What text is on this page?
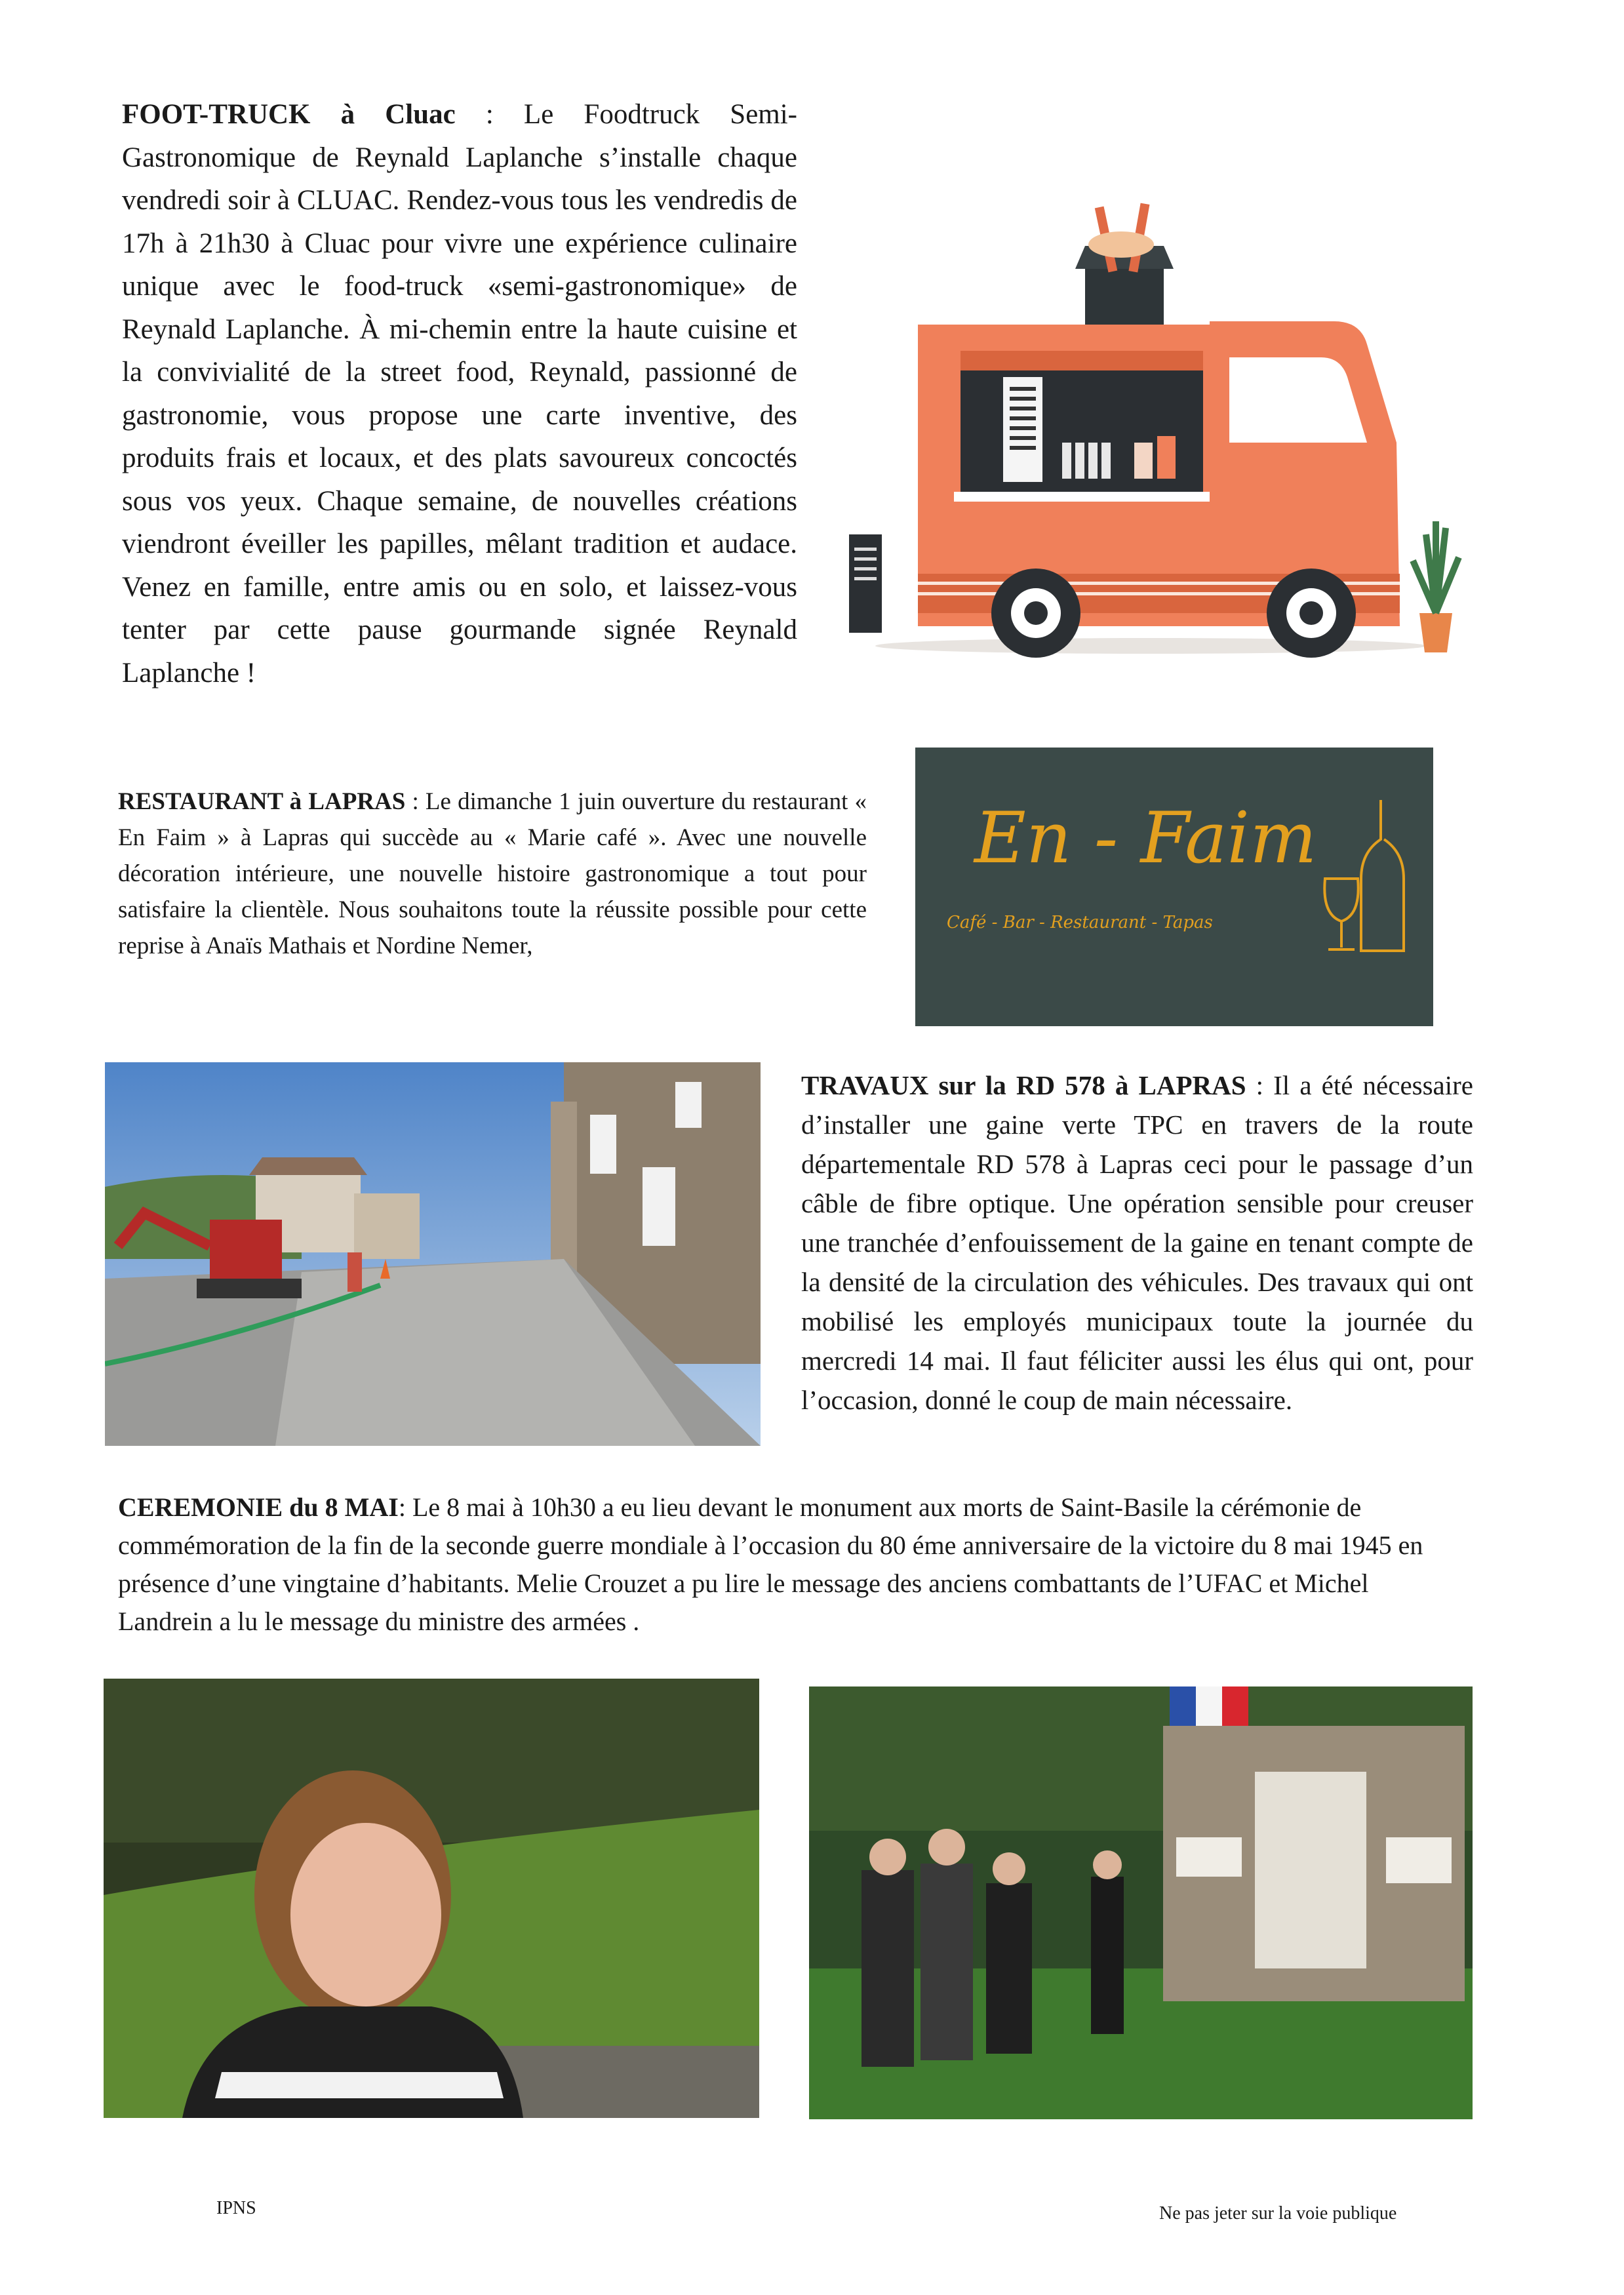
FOOT-TRUCK à Cluac : Le Foodtruck Semi-Gastronomique de Reynald Laplanche s’installe chaque vendredi soir à CLUAC. Rendez-vous tous les vendredis de 17h à 21h30 à Cluac pour vivre une expérience culinaire unique avec le food-truck «semi-gastronomique» de Reynald Laplanche. À mi-chemin entre la haute cuisine et la convivialité de la street food, Reynald, passionné de gastronomie, vous propose une carte inventive, des produits frais et locaux, et des plats savoureux concoctés sous vos yeux. Chaque semaine, de nouvelles créations viendront éveiller les papilles, mêlant tradition et audace. Venez en famille, entre amis ou en solo, et laissez-vous tenter par cette pause gourmande signée Reynald Laplanche !
RESTAURANT à LAPRAS : Le dimanche 1 juin ouverture du restaurant « En Faim » à Lapras qui succède au « Marie café ». Avec une nouvelle décoration intérieure, une nouvelle histoire gastronomique a tout pour satisfaire la clientèle. Nous souhaitons toute la réussite possible pour cette reprise à Anaïs Mathais et Nordine Nemer,
En - Faim
Café - Bar - Restaurant - Tapas
TRAVAUX sur la RD 578 à LAPRAS : Il a été nécessaire d’installer une gaine verte TPC en travers de la route départementale RD 578 à Lapras ceci pour le passage d’un câble de fibre optique. Une opération sensible pour creuser une tranchée d’enfouissement de la gaine en tenant compte de la densité de la circulation des véhicules. Des travaux qui ont mobilisé les employés municipaux toute la journée du mercredi 14 mai. Il faut féliciter aussi les élus qui ont, pour l’occasion, donné le coup de main nécessaire.
CEREMONIE du 8 MAI: Le 8 mai à 10h30 a eu lieu devant le monument aux morts de Saint-Basile la cérémonie de commémoration de la fin de la seconde guerre mondiale à l’occasion du 80 éme anniversaire de la victoire du 8 mai 1945 en présence d’une vingtaine d’habitants. Melie Crouzet a pu lire le message des anciens combattants de l’UFAC et Michel Landrein a lu le message du ministre des armées .
IPNS	Ne pas jeter sur la voie publique
